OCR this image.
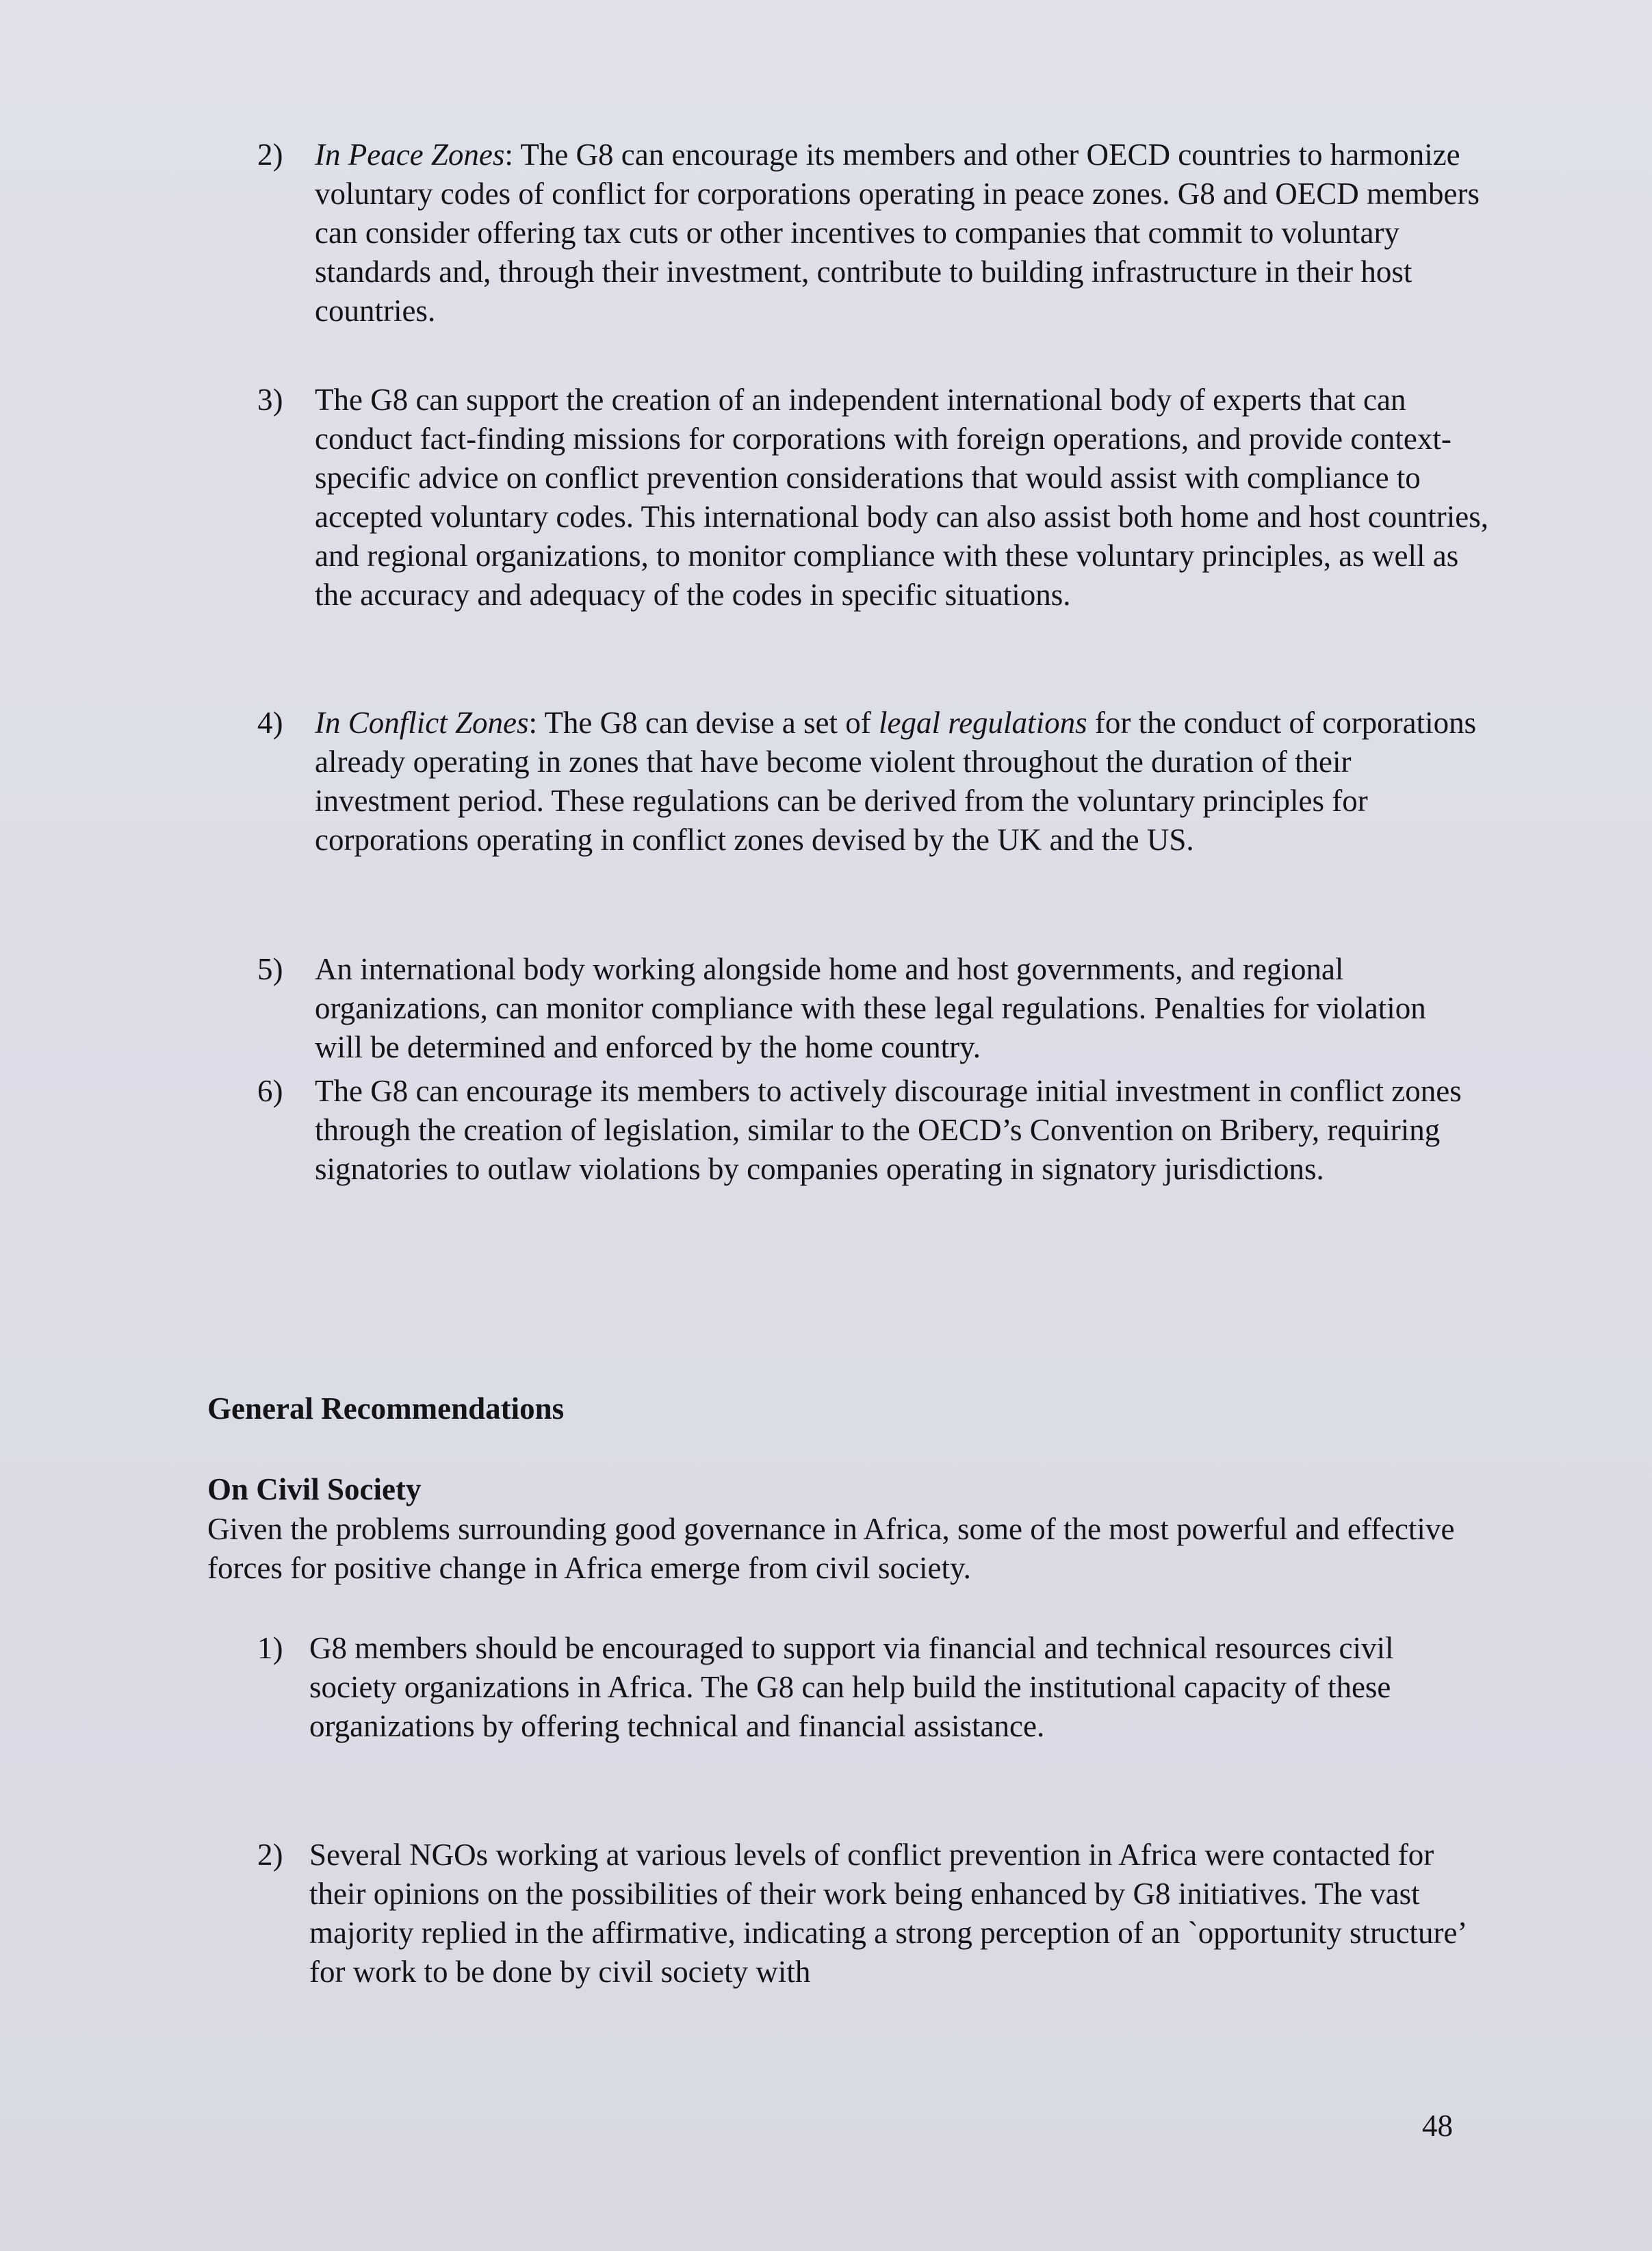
2)	In Peace Zones: The G8 can encourage its members and other OECD countries to harmonize voluntary codes of conflict for corporations operating in peace zones. G8 and OECD members can consider offering tax cuts or other incentives to companies that commit to voluntary standards and, through their investment, contribute to building infrastructure in their host countries.
3)	The G8 can support the creation of an independent international body of experts that can conduct fact-finding missions for corporations with foreign operations, and provide context-specific advice on conflict prevention considerations that would assist with compliance to accepted voluntary codes. This international body can also assist both home and host countries, and regional organizations, to monitor compliance with these voluntary principles, as well as the accuracy and adequacy of the codes in specific situations.
4)	In Conflict Zones: The G8 can devise a set of legal regulations for the conduct of corporations already operating in zones that have become violent throughout the duration of their investment period. These regulations can be derived from the voluntary principles for corporations operating in conflict zones devised by the UK and the US.
5)	An international body working alongside home and host governments, and regional organizations, can monitor compliance with these legal regulations. Penalties for violation will be determined and enforced by the home country.
6)	The G8 can encourage its members to actively discourage initial investment in conflict zones through the creation of legislation, similar to the OECD’s Convention on Bribery, requiring signatories to outlaw violations by companies operating in signatory jurisdictions.
General Recommendations
On Civil Society
Given the problems surrounding good governance in Africa, some of the most powerful and effective forces for positive change in Africa emerge from civil society.
1) G8 members should be encouraged to support via financial and technical resources civil society organizations in Africa. The G8 can help build the institutional capacity of these organizations by offering technical and financial assistance.
2) Several NGOs working at various levels of conflict prevention in Africa were contacted for their opinions on the possibilities of their work being enhanced by G8 initiatives. The vast majority replied in the affirmative, indicating a strong perception of an `opportunity structure’ for work to be done by civil society with
48
